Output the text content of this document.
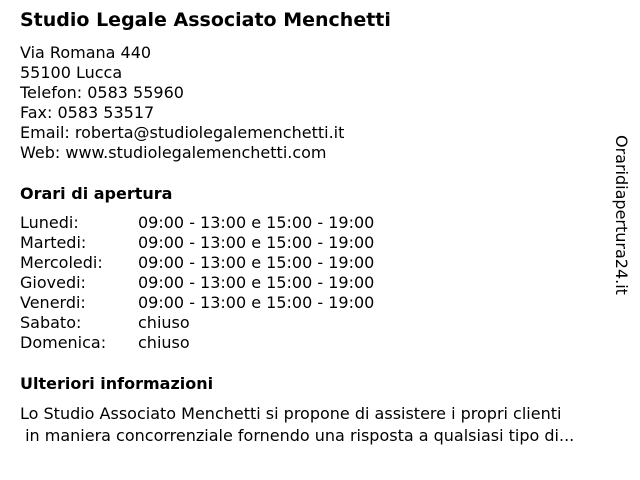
Studio Legale Associato Menchetti
Via Romana 440
55100 Lucca
Telefon: 0583 55960
Fax: 0583 53517
Email: roberta@studiolegalemenchetti.it
Web: www.studiolegalemenchetti.com
Orari di apertura
Lunedi:	09:00 - 13:00 e 15:00 - 19:00
Martedi:	09:00 - 13:00 e 15:00 - 19:00
Mercoledi:	09:00 - 13:00 e 15:00 - 19:00
Giovedi:	09:00 - 13:00 e 15:00 - 19:00
Venerdi:	09:00 - 13:00 e 15:00 - 19:00
Sabato:	chiuso
Domenica:	chiuso
Ulteriori informazioni
Lo Studio Associato Menchetti si propone di assistere i propri clienti
in maniera concorrenziale fornendo una risposta a qualsiasi tipo di...
Oraridiapertura24.it
